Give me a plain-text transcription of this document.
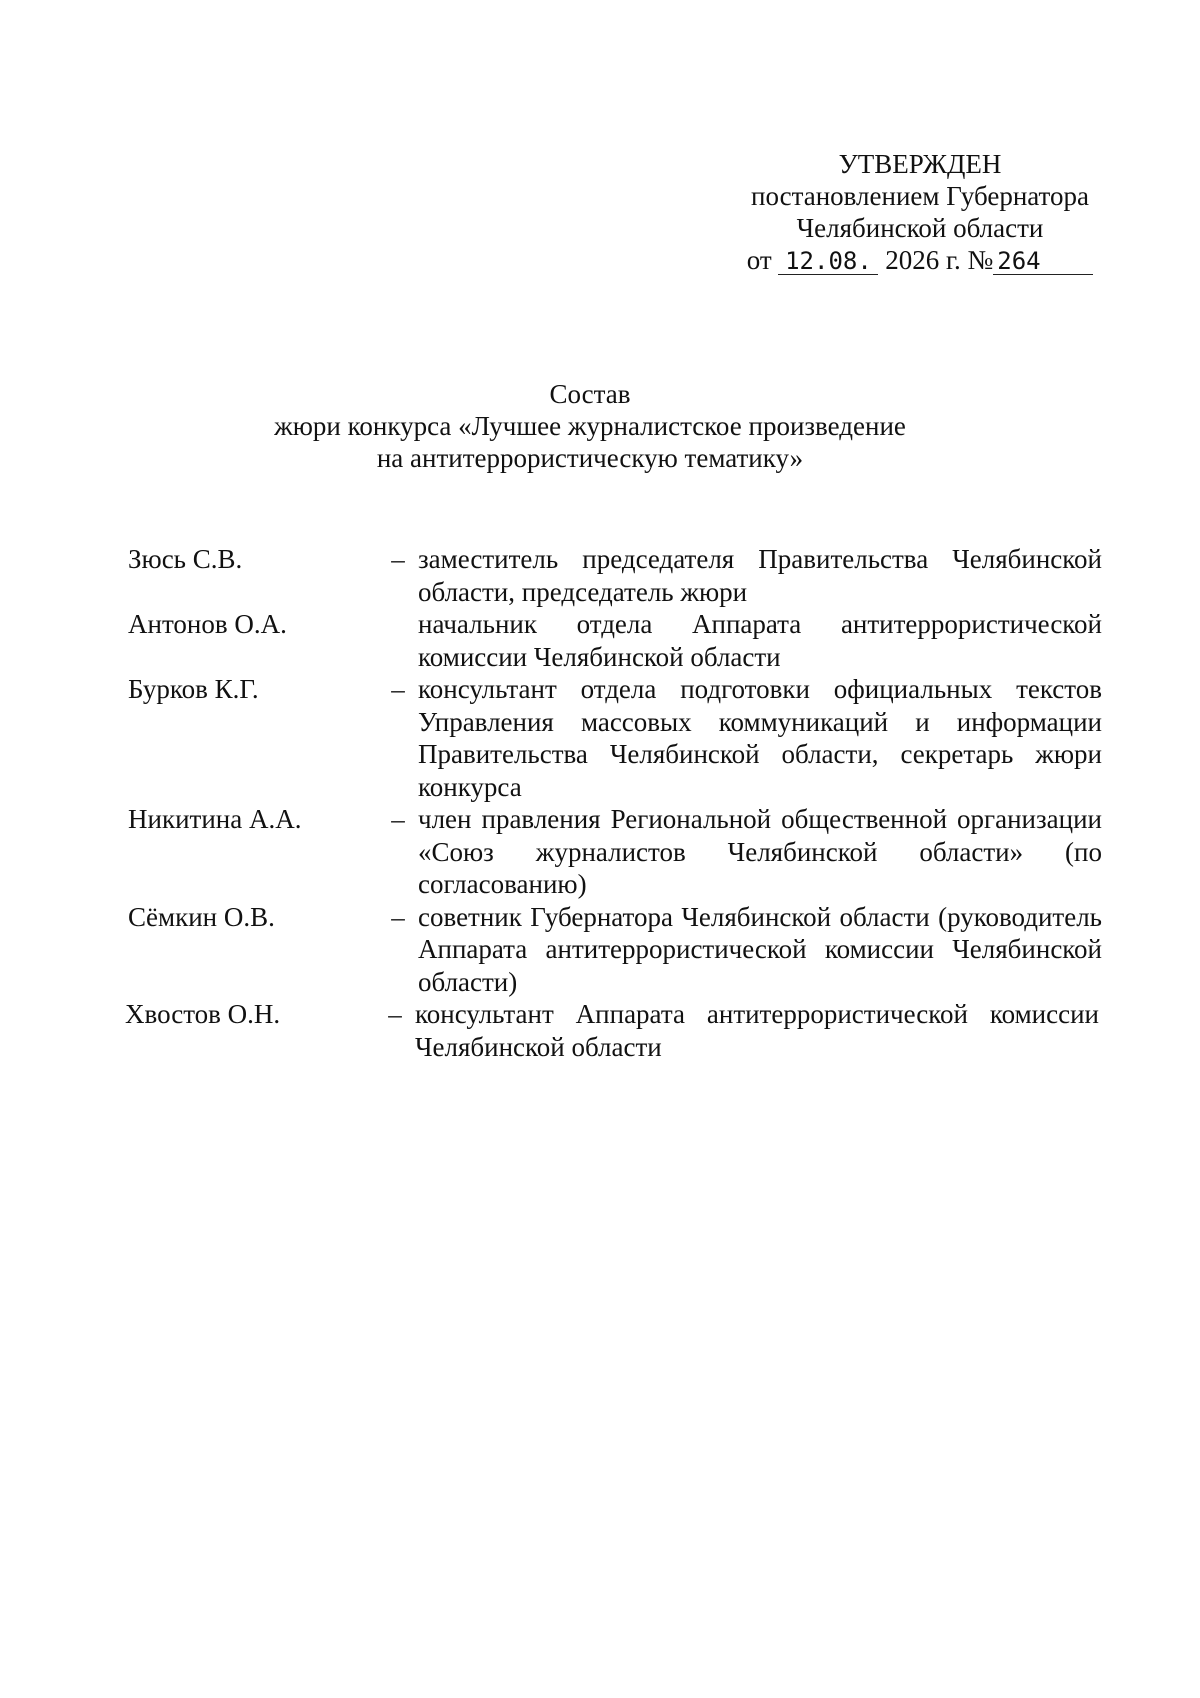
УТВЕРЖДЕН
постановлением Губернатора
Челябинской области
от 12.08. 2026 г. № 264
Состав
жюри конкурса «Лучшее журналистское произведение
на антитеррористическую тематику»
Зюсь С.В.	– заместитель председателя Правительства Челябинской области, председатель жюри
Антонов О.А.	начальник отдела Аппарата антитеррористической комиссии Челябинской области
Бурков К.Г.	– консультант отдела подготовки официальных текстов Управления массовых коммуникаций и информации Правительства Челябинской области, секретарь жюри конкурса
Никитина А.А.	– член правления Региональной общественной организации «Союз журналистов Челябинской области» (по согласованию)
Сёмкин О.В.	– советник Губернатора Челябинской области (руководитель Аппарата антитеррористической комиссии Челябинской области)
Хвостов О.Н.	– консультант Аппарата антитеррористической комиссии Челябинской области
